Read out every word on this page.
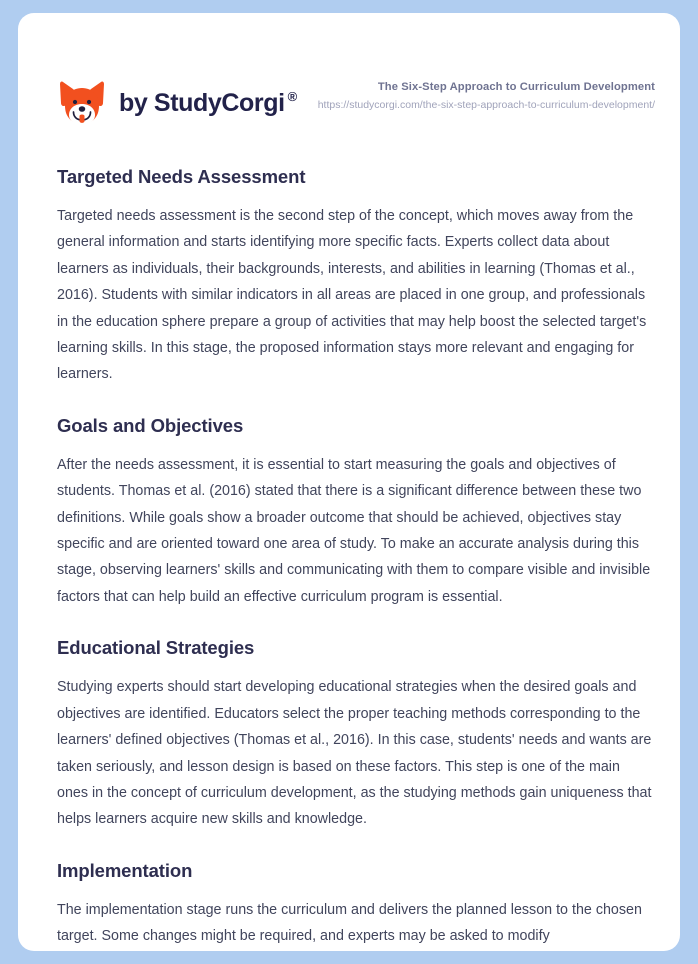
by StudyCorgi ®
The Six-Step Approach to Curriculum Development
https://studycorgi.com/the-six-step-approach-to-curriculum-development/
Targeted Needs Assessment

Targeted needs assessment is the second step of the concept, which moves away from the general information and starts identifying more specific facts. Experts collect data about learners as individuals, their backgrounds, interests, and abilities in learning (Thomas et al., 2016). Students with similar indicators in all areas are placed in one group, and professionals in the education sphere prepare a group of activities that may help boost the selected target's learning skills. In this stage, the proposed information stays more relevant and engaging for learners.

Goals and Objectives

After the needs assessment, it is essential to start measuring the goals and objectives of students. Thomas et al. (2016) stated that there is a significant difference between these two definitions. While goals show a broader outcome that should be achieved, objectives stay specific and are oriented toward one area of study. To make an accurate analysis during this stage, observing learners' skills and communicating with them to compare visible and invisible factors that can help build an effective curriculum program is essential.

Educational Strategies

Studying experts should start developing educational strategies when the desired goals and objectives are identified. Educators select the proper teaching methods corresponding to the learners' defined objectives (Thomas et al., 2016). In this case, students' needs and wants are taken seriously, and lesson design is based on these factors. This step is one of the main ones in the concept of curriculum development, as the studying methods gain uniqueness that helps learners acquire new skills and knowledge.

Implementation

The implementation stage runs the curriculum and delivers the planned lesson to the chosen target. Some changes might be required, and experts may be asked to modify
